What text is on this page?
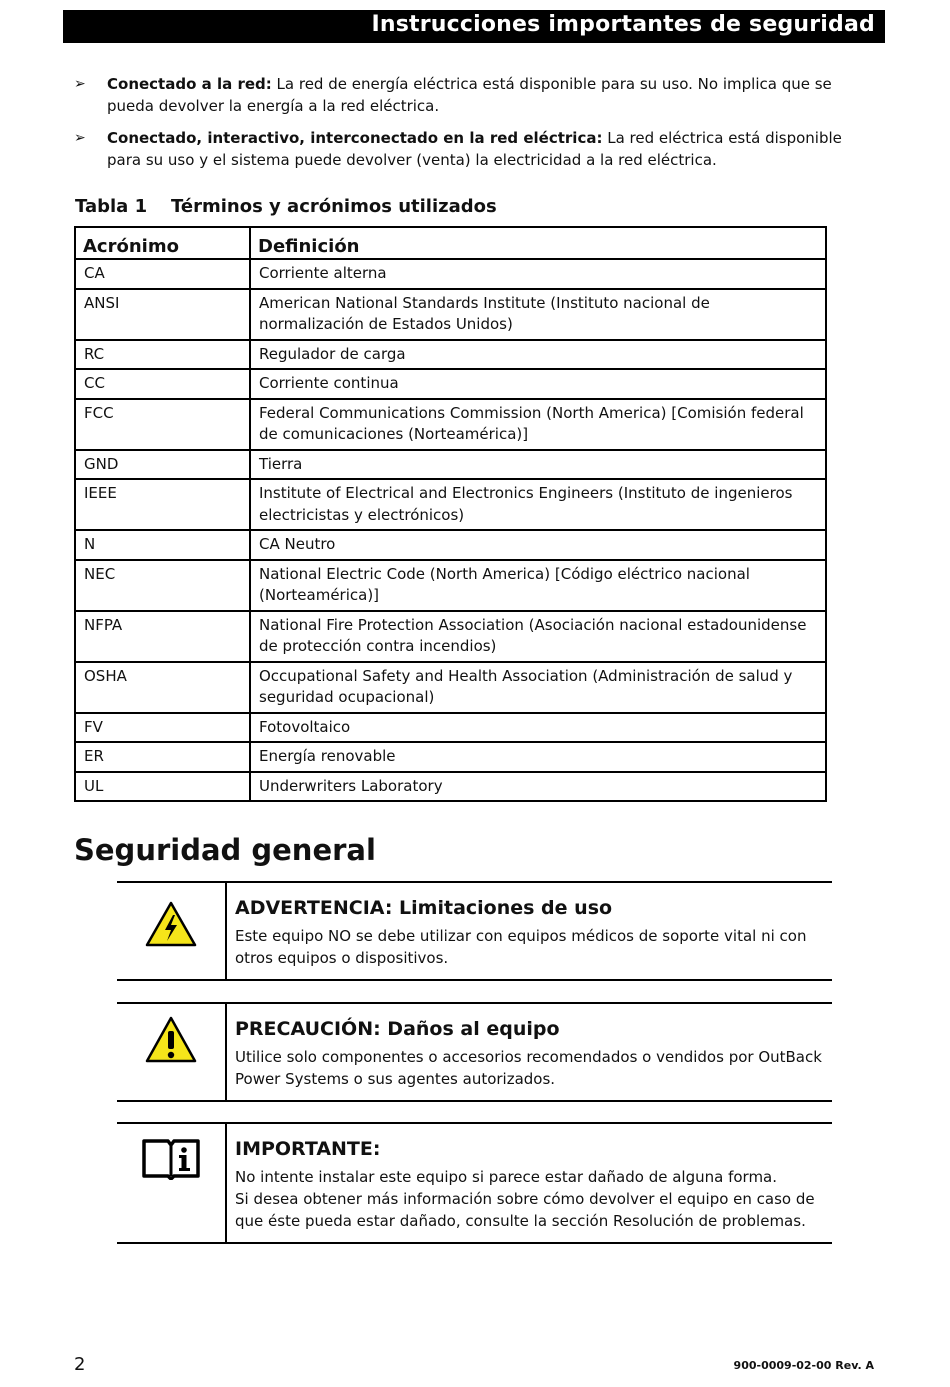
Instrucciones importantes de seguridad
➢ Conectado a la red: La red de energía eléctrica está disponible para su uso. No implica que se pueda devolver la energía a la red eléctrica.
➢ Conectado, interactivo, interconectado en la red eléctrica: La red eléctrica está disponible para su uso y el sistema puede devolver (venta) la electricidad a la red eléctrica.
Tabla 1 Términos y acrónimos utilizados
Acrónimo	Definición
CA	Corriente alterna
ANSI	American National Standards Institute (Instituto nacional de normalización de Estados Unidos)
RC	Regulador de carga
CC	Corriente continua
FCC	Federal Communications Commission (North America) [Comisión federal de comunicaciones (Norteamérica)]
GND	Tierra
IEEE	Institute of Electrical and Electronics Engineers (Instituto de ingenieros electricistas y electrónicos)
N	CA Neutro
NEC	National Electric Code (North America) [Código eléctrico nacional (Norteamérica)]
NFPA	National Fire Protection Association (Asociación nacional estadounidense de protección contra incendios)
OSHA	Occupational Safety and Health Association (Administración de salud y seguridad ocupacional)
FV	Fotovoltaico
ER	Energía renovable
UL	Underwriters Laboratory
Seguridad general
ADVERTENCIA: Limitaciones de uso
Este equipo NO se debe utilizar con equipos médicos de soporte vital ni con otros equipos o dispositivos.
PRECAUCIÓN: Daños al equipo
Utilice solo componentes o accesorios recomendados o vendidos por OutBack Power Systems o sus agentes autorizados.
IMPORTANTE:
No intente instalar este equipo si parece estar dañado de alguna forma.
Si desea obtener más información sobre cómo devolver el equipo en caso de que éste pueda estar dañado, consulte la sección Resolución de problemas.
2	900-0009-02-00 Rev. A
